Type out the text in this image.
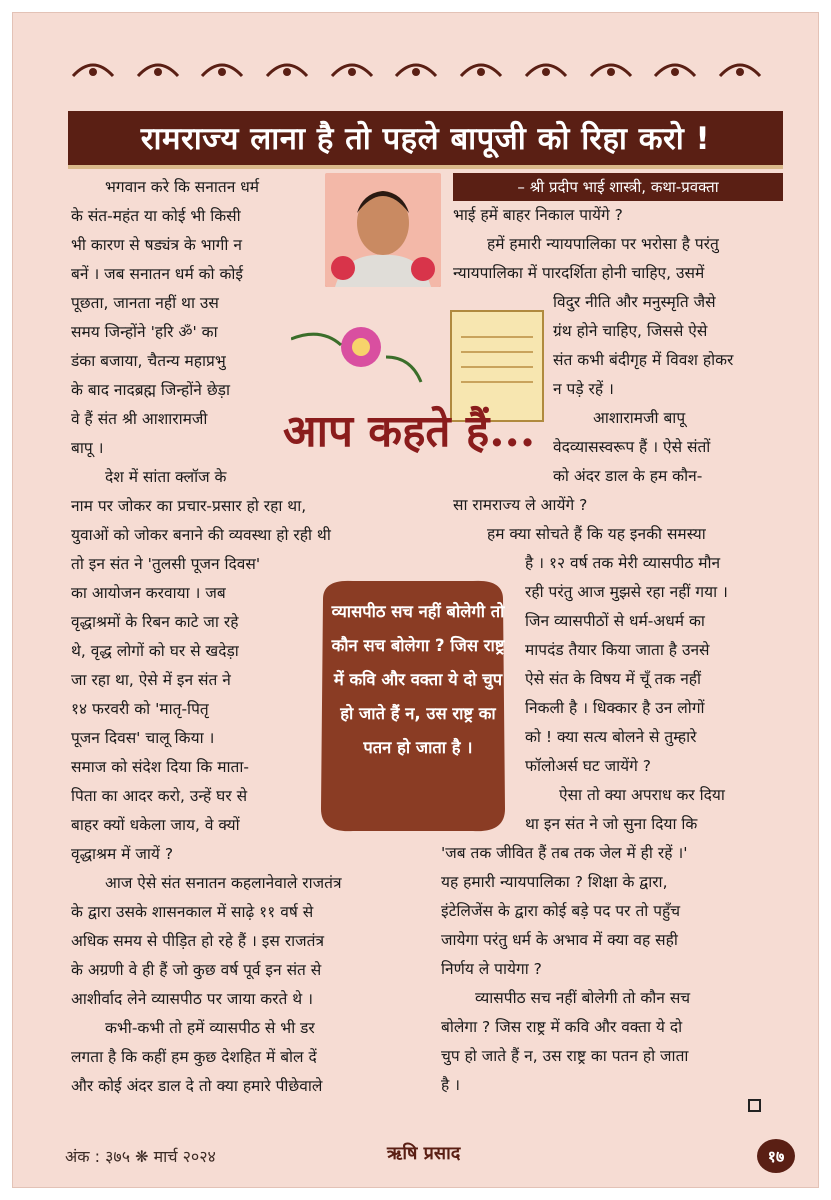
रामराज्य लाना है तो पहले बापूजी को रिहा करो !
– श्री प्रदीप भाई शास्त्री, कथा-प्रवक्ता

भगवान करे कि सनातन धर्म

के संत-महंत या कोई भी किसी

भी कारण से षड्यंत्र के भागी न

बनें । जब सनातन धर्म को कोई

पूछता, जानता नहीं था उस

समय जिन्होंने 'हरि ॐ' का

डंका बजाया, चैतन्य महाप्रभु

के बाद नादब्रह्म जिन्होंने छेड़ा

वे हैं संत श्री आशारामजी

बापू ।

देश में सांता क्लॉज के

नाम पर जोकर का प्रचार-प्रसार हो रहा था,

युवाओं को जोकर बनाने की व्यवस्था हो रही थी

तो इन संत ने 'तुलसी पूजन दिवस'

का आयोजन करवाया । जब

वृद्धाश्रमों के रिबन काटे जा रहे

थे, वृद्ध लोगों को घर से खदेड़ा

जा रहा था, ऐसे में इन संत ने

१४ फरवरी को 'मातृ-पितृ

पूजन दिवस' चालू किया ।

समाज को संदेश दिया कि माता-

पिता का आदर करो, उन्हें घर से

बाहर क्यों धकेला जाय, वे क्यों

वृद्धाश्रम में जायें ?

आज ऐसे संत सनातन कहलानेवाले राजतंत्र

के द्वारा उसके शासनकाल में साढ़े ११ वर्ष से

अधिक समय से पीड़ित हो रहे हैं । इस राजतंत्र

के अग्रणी वे ही हैं जो कुछ वर्ष पूर्व इन संत से

आशीर्वाद लेने व्यासपीठ पर जाया करते थे ।

कभी-कभी तो हमें व्यासपीठ से भी डर

लगता है कि कहीं हम कुछ देशहित में बोल दें

और कोई अंदर डाल दे तो क्या हमारे पीछेवाले

आप कहते हैं...

भाई हमें बाहर निकाल पायेंगे ?

हमें हमारी न्यायपालिका पर भरोसा है परंतु

न्यायपालिका में पारदर्शिता होनी चाहिए, उसमें

विदुर नीति और मनुस्मृति जैसे

ग्रंथ होने चाहिए, जिससे ऐसे

संत कभी बंदीगृह में विवश होकर

न पड़े रहें ।

आशारामजी बापू

वेदव्यासस्वरूप हैं । ऐसे संतों

को अंदर डाल के हम कौन-

सा रामराज्य ले आयेंगे ?

हम क्या सोचते हैं कि यह इनकी समस्या

है । १२ वर्ष तक मेरी व्यासपीठ मौन

रही परंतु आज मुझसे रहा नहीं गया ।

जिन व्यासपीठों से धर्म-अधर्म का

मापदंड तैयार किया जाता है उनसे

ऐसे संत के विषय में चूँ तक नहीं

निकली है । धिक्कार है उन लोगों

को ! क्या सत्य बोलने से तुम्हारे

फॉलोअर्स घट जायेंगे ?

ऐसा तो क्या अपराध कर दिया

था इन संत ने जो सुना दिया कि

'जब तक जीवित हैं तब तक जेल में ही रहें ।'

यह हमारी न्यायपालिका ? शिक्षा के द्वारा,

इंटेलिजेंस के द्वारा कोई बड़े पद पर तो पहुँच

जायेगा परंतु धर्म के अभाव में क्या वह सही

निर्णय ले पायेगा ?

व्यासपीठ सच नहीं बोलेगी तो कौन सच

बोलेगा ? जिस राष्ट्र में कवि और वक्ता ये दो

चुप हो जाते हैं न, उस राष्ट्र का पतन हो जाता

है ।

व्यासपीठ सच नहीं बोलेगी तो कौन सच बोलेगा ? जिस राष्ट्र में कवि और वक्ता ये दो चुप हो जाते हैं न, उस राष्ट्र का पतन हो जाता है ।
अंक : ३७५ ❋ मार्च २०२४	ऋषि प्रसाद	१७
